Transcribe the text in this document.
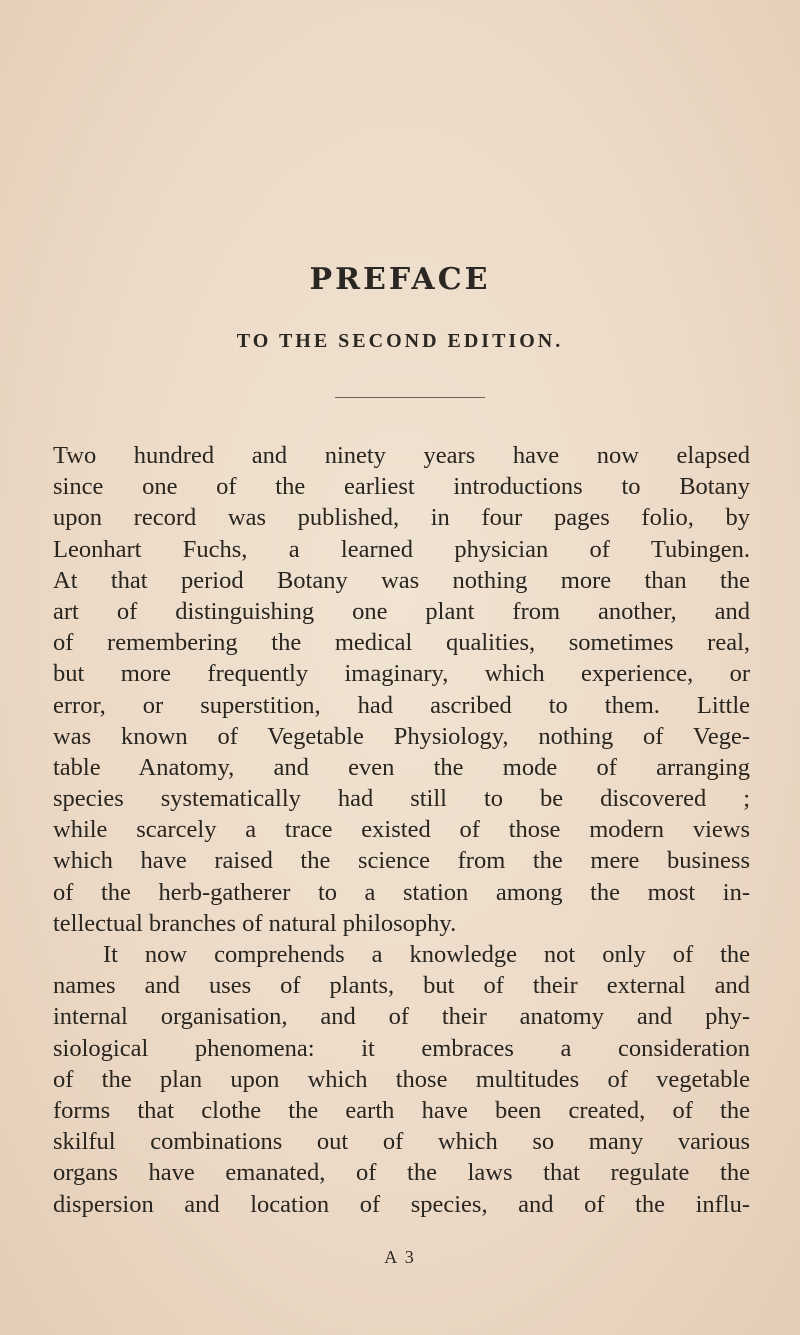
PREFACE
TO THE SECOND EDITION.
Two hundred and ninety years have now elapsed
since one of the earliest introductions to Botany
upon record was published, in four pages folio, by
Leonhart Fuchs, a learned physician of Tubingen.
At that period Botany was nothing more than the
art of distinguishing one plant from another, and
of remembering the medical qualities, sometimes real,
but more frequently imaginary, which experience, or
error, or superstition, had ascribed to them. Little
was known of Vegetable Physiology, nothing of Vege-
table Anatomy, and even the mode of arranging
species systematically had still to be discovered ;
while scarcely a trace existed of those modern views
which have raised the science from the mere business
of the herb-gatherer to a station among the most in-
tellectual branches of natural philosophy.
It now comprehends a knowledge not only of the
names and uses of plants, but of their external and
internal organisation, and of their anatomy and phy-
siological phenomena: it embraces a consideration
of the plan upon which those multitudes of vegetable
forms that clothe the earth have been created, of the
skilful combinations out of which so many various
organs have emanated, of the laws that regulate the
dispersion and location of species, and of the influ-
A 3
